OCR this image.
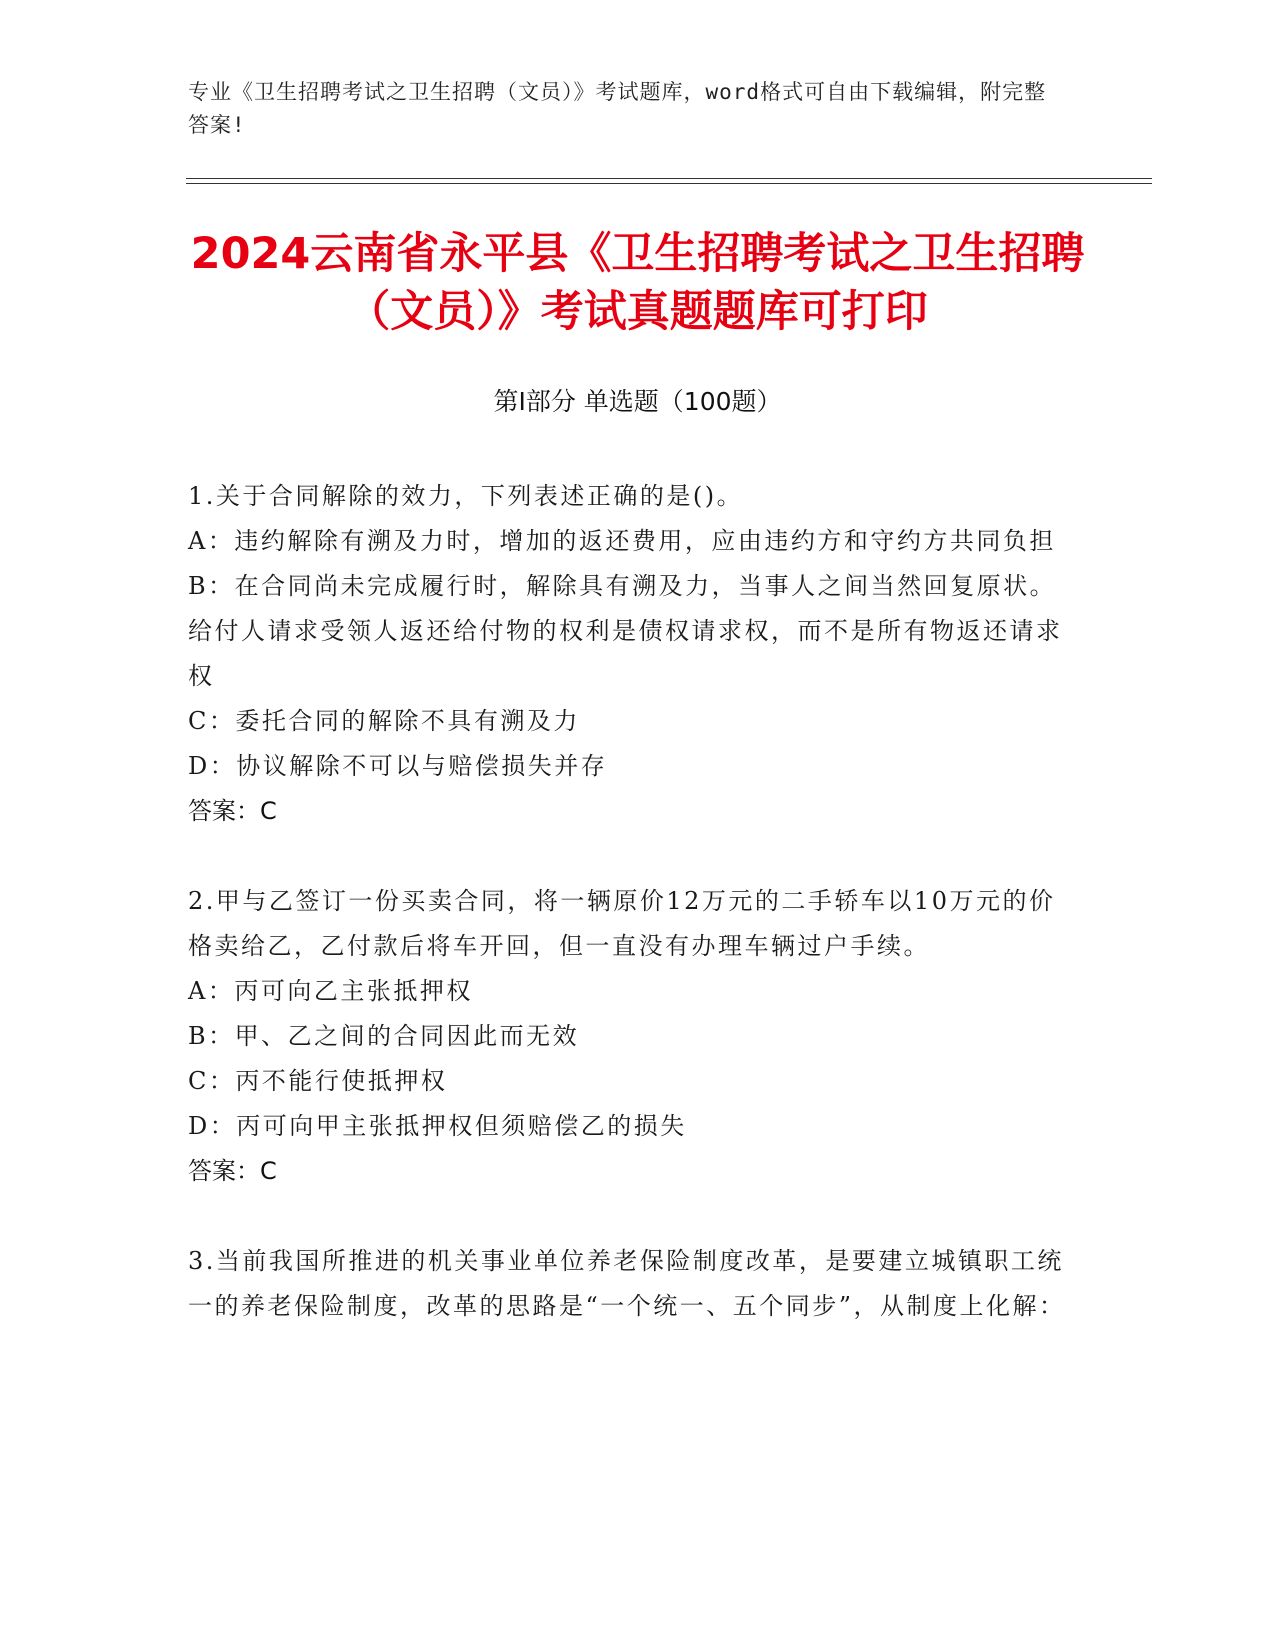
专业《卫生招聘考试之卫生招聘（文员）》考试题库，word格式可自由下载编辑，附完整答案!
2024云南省永平县《卫生招聘考试之卫生招聘（文员）》考试真题题库可打印
第Ⅰ部分 单选题（100题）

1.关于合同解除的效力，下列表述正确的是()。

A：违约解除有溯及力时，增加的返还费用，应由违约方和守约方共同负担

B：在合同尚未完成履行时，解除具有溯及力，当事人之间当然回复原状。给付人请求受领人返还给付物的权利是债权请求权，而不是所有物返还请求权

C：委托合同的解除不具有溯及力

D：协议解除不可以与赔偿损失并存

答案：C

2.甲与乙签订一份买卖合同，将一辆原价12万元的二手轿车以10万元的价格卖给乙，乙付款后将车开回，但一直没有办理车辆过户手续。

A：丙可向乙主张抵押权

B：甲、乙之间的合同因此而无效

C：丙不能行使抵押权

D：丙可向甲主张抵押权但须赔偿乙的损失

答案：C

3.当前我国所推进的机关事业单位养老保险制度改革，是要建立城镇职工统一的养老保险制度，改革的思路是“一个统一、五个同步”，从制度上化解：
